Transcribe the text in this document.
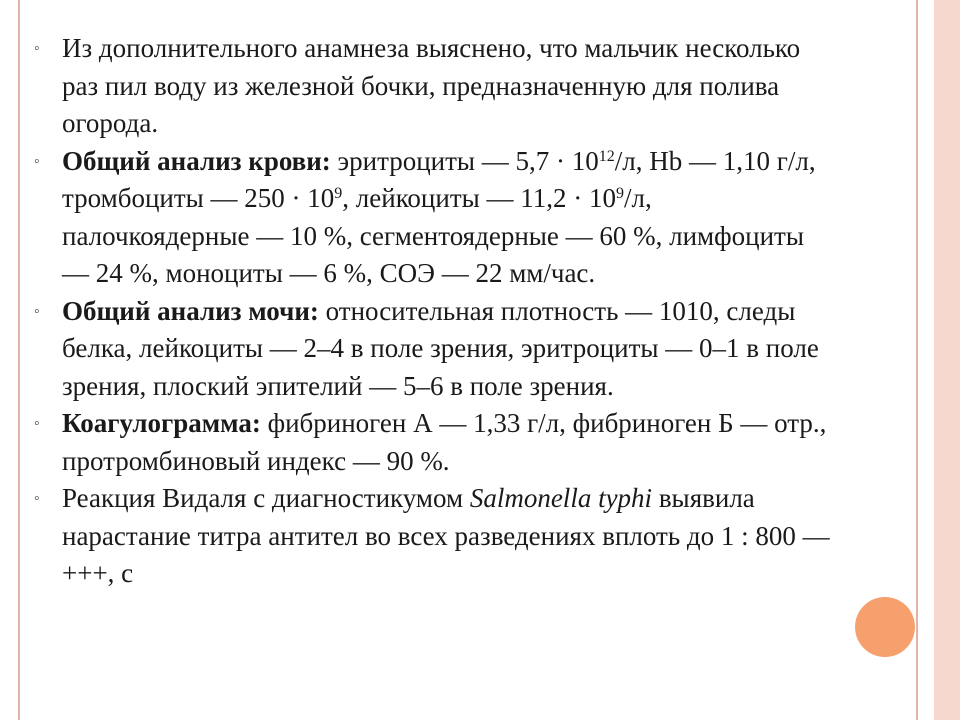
◦ Из дополнительного анамнеза выяснено, что мальчик несколько раз пил воду из железной бочки, предназначенную для полива огорода.
◦ Общий анализ крови: эритроциты — $5,7 \cdot 10^{12}/л$, Hb — 1,10 г/л, тромбоциты — $250 \cdot 10^9$, лейкоциты — $11,2 \cdot 10^9/л$, палочкоядерные — 10 %, сегментоядерные — 60 %, лимфоциты — 24 %, моноциты — 6 %, СОЭ — 22 мм/час.
◦ Общий анализ мочи: относительная плотность — 1010, следы белка, лейкоциты — 2–4 в поле зрения, эритроциты — 0–1 в поле зрения, плоский эпителий — 5–6 в поле зрения.
◦ Коагулограмма: фибриноген А — 1,33 г/л, фибриноген Б — отр., протромбиновый индекс — 90 %.
◦ Реакция Видаля с диагностикумом Salmonella typhi выявила нарастание титра антител во всех разведениях вплоть до 1 : 800 — +++, с
